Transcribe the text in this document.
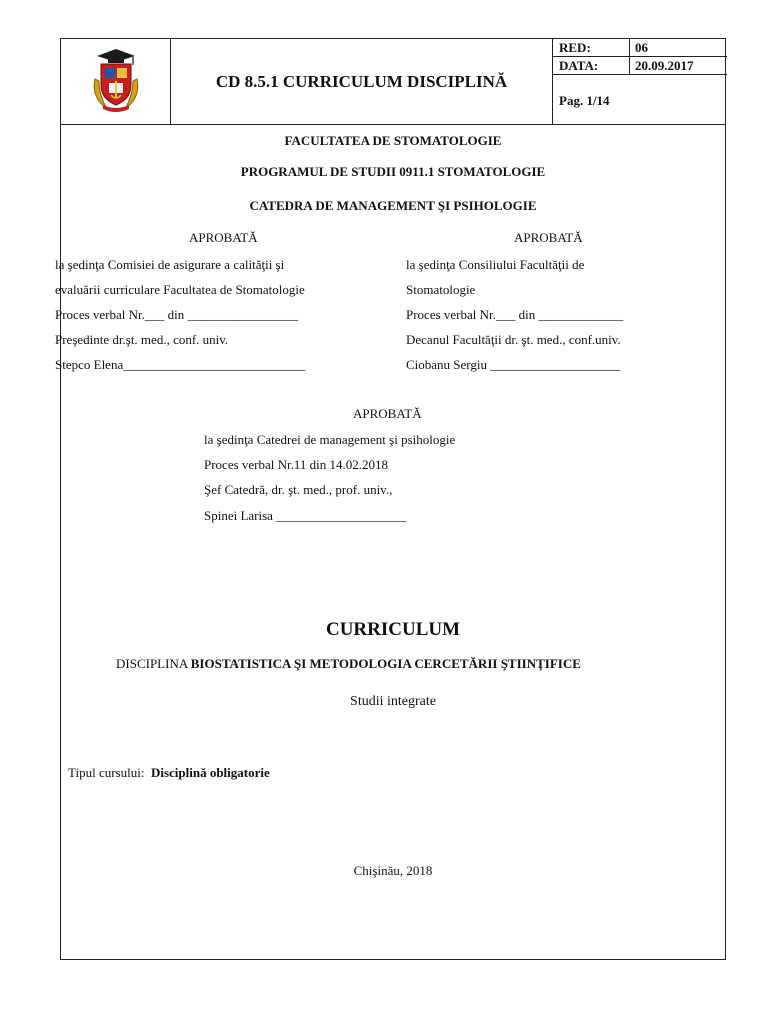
CD 8.5.1 CURRICULUM DISCIPLINĂ
RED:	06
DATA:	20.09.2017
Pag. 1/14
FACULTATEA DE STOMATOLOGIE
PROGRAMUL DE STUDII 0911.1 STOMATOLOGIE
CATEDRA DE MANAGEMENT ŞI PSIHOLOGIE
APROBATĂ
la şedinţa Comisiei de asigurare a calităţii şi
evaluării curriculare Facultatea de Stomatologie
Proces verbal Nr.___ din _________________
Preşedinte dr.şt. med., conf. univ.
Stepco Elena____________________________
APROBATĂ
la şedinţa Consiliului Facultăţii de
Stomatologie
Proces verbal Nr.___ din _____________
Decanul Facultăţii dr. şt. med., conf.univ.
Ciobanu Sergiu ____________________
APROBATĂ
la şedinţa Catedrei de management şi psihologie
Proces verbal Nr.11 din 14.02.2018
Şef Catedră, dr. şt. med., prof. univ.,
Spinei Larisa ____________________
CURRICULUM
DISCIPLINA BIOSTATISTICA ŞI METODOLOGIA CERCETĂRII ŞTIINŢIFICE
Studii integrate
Tipul cursului: Disciplină obligatorie
Chişinău, 2018
